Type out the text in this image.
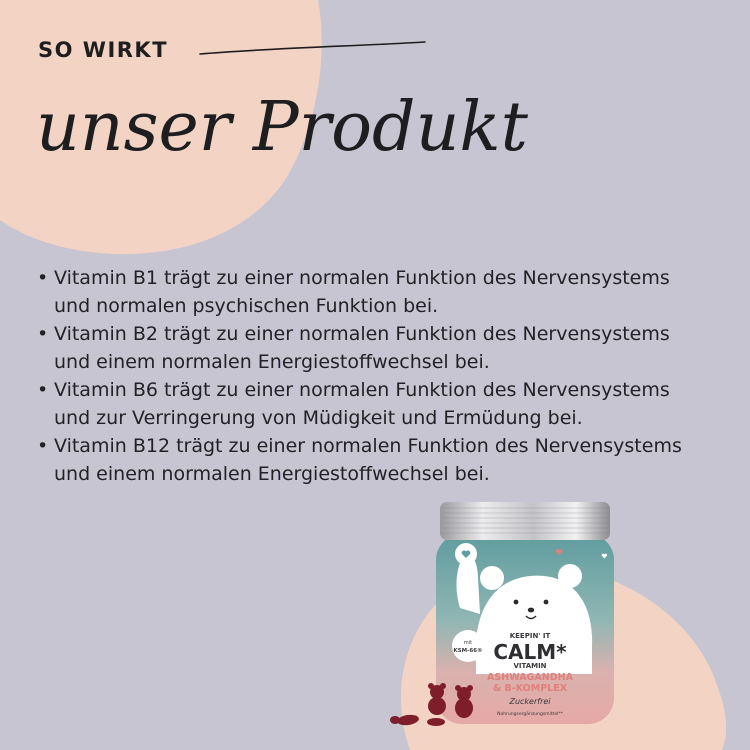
SO WIRKT
unser Produkt
• Vitamin B1 trägt zu einer normalen Funktion des Nervensystems
und normalen psychischen Funktion bei.
• Vitamin B2 trägt zu einer normalen Funktion des Nervensystems
und einem normalen Energiestoffwechsel bei.
• Vitamin B6 trägt zu einer normalen Funktion des Nervensystems
und zur Verringerung von Müdigkeit und Ermüdung bei.
• Vitamin B12 trägt zu einer normalen Funktion des Nervensystems
und einem normalen Energiestoffwechsel bei.
KEEPIN' IT
CALM*
VITAMIN
ASHWAGANDHA
& B-KOMPLEX
Zuckerfrei
Nahrungsergänzungsmittel**
mit
KSM-66®
